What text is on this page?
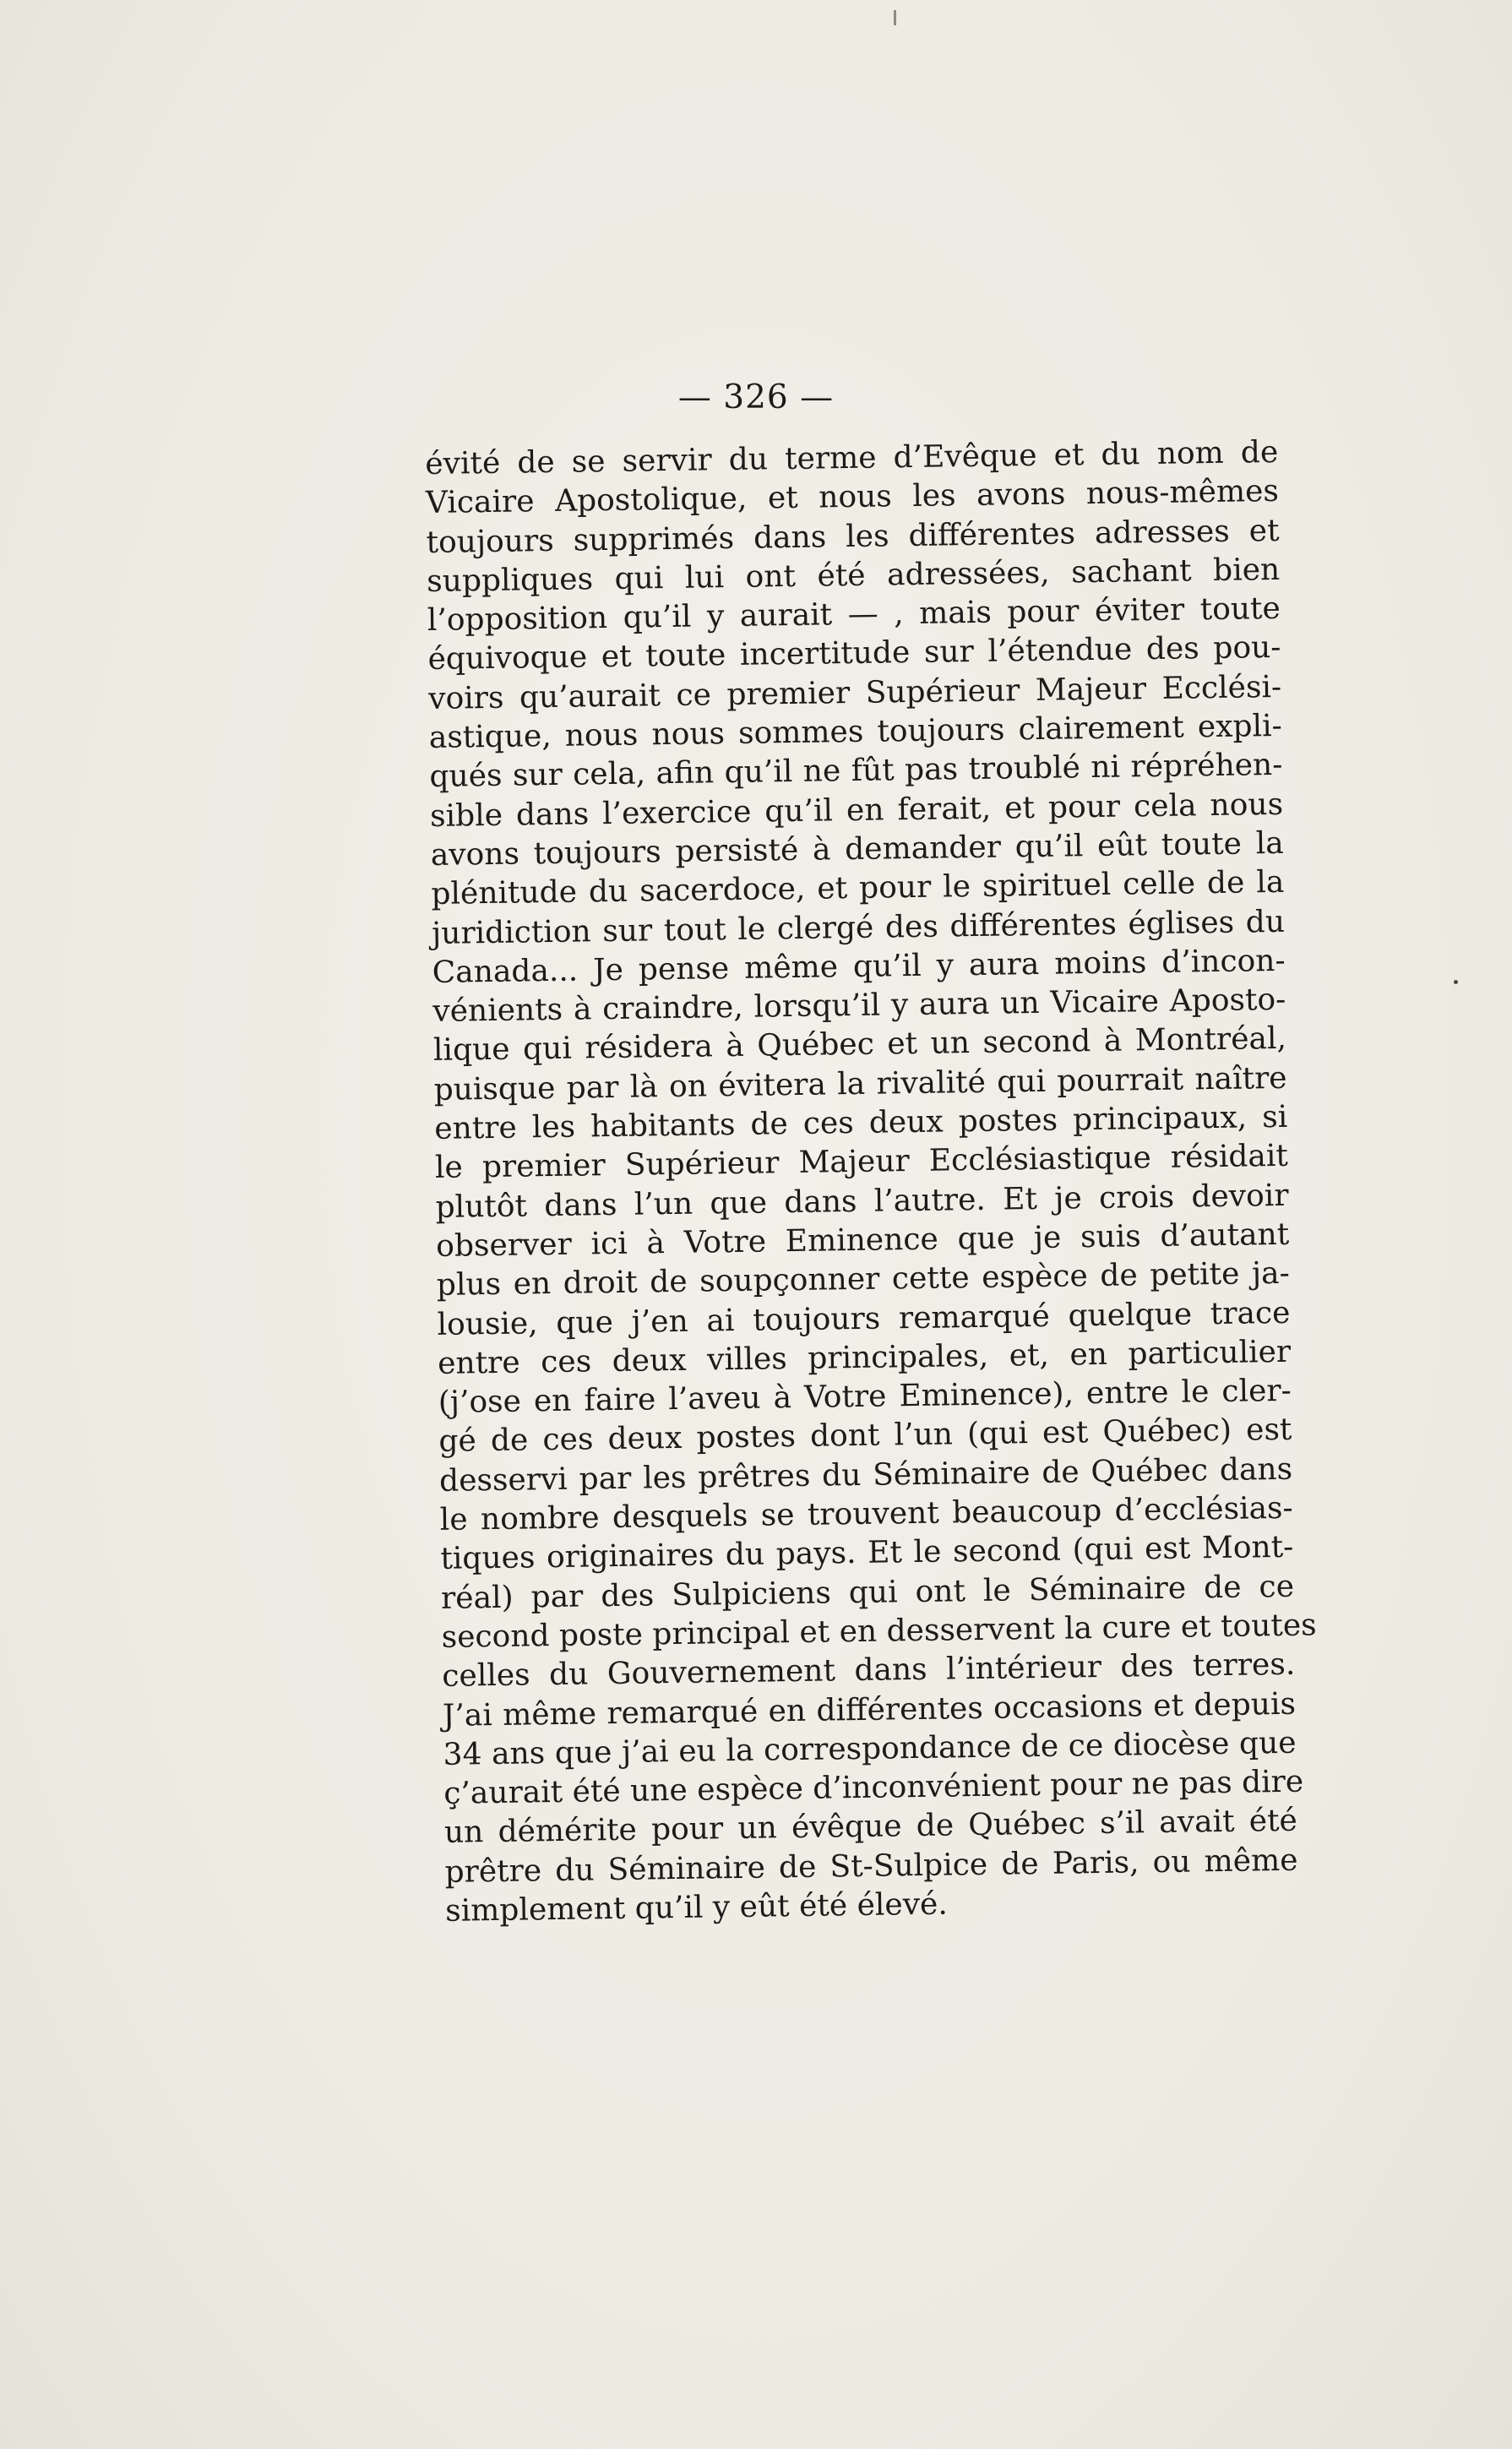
— 326 —
évité de se servir du terme d’Evêque et du nom de
Vicaire Apostolique, et nous les avons nous-mêmes
toujours supprimés dans les différentes adresses et
suppliques qui lui ont été adressées, sachant bien
l’opposition qu’il y aurait — , mais pour éviter toute
équivoque et toute incertitude sur l’étendue des pou-
voirs qu’aurait ce premier Supérieur Majeur Ecclési-
astique, nous nous sommes toujours clairement expli-
qués sur cela, afin qu’il ne fût pas troublé ni répréhen-
sible dans l’exercice qu’il en ferait, et pour cela nous
avons toujours persisté à demander qu’il eût toute la
plénitude du sacerdoce, et pour le spirituel celle de la
juridiction sur tout le clergé des différentes églises du
Canada... Je pense même qu’il y aura moins d’incon-
vénients à craindre, lorsqu’il y aura un Vicaire Aposto-
lique qui résidera à Québec et un second à Montréal,
puisque par là on évitera la rivalité qui pourrait naître
entre les habitants de ces deux postes principaux, si
le premier Supérieur Majeur Ecclésiastique résidait
plutôt dans l’un que dans l’autre. Et je crois devoir
observer ici à Votre Eminence que je suis d’autant
plus en droit de soupçonner cette espèce de petite ja-
lousie, que j’en ai toujours remarqué quelque trace
entre ces deux villes principales, et, en particulier
(j’ose en faire l’aveu à Votre Eminence), entre le cler-
gé de ces deux postes dont l’un (qui est Québec) est
desservi par les prêtres du Séminaire de Québec dans
le nombre desquels se trouvent beaucoup d’ecclésias-
tiques originaires du pays. Et le second (qui est Mont-
réal) par des Sulpiciens qui ont le Séminaire de ce
second poste principal et en desservent la cure et toutes
celles du Gouvernement dans l’intérieur des terres.
J’ai même remarqué en différentes occasions et depuis
34 ans que j’ai eu la correspondance de ce diocèse que
ç’aurait été une espèce d’inconvénient pour ne pas dire
un démérite pour un évêque de Québec s’il avait été
prêtre du Séminaire de St-Sulpice de Paris, ou même
simplement qu’il y eût été élevé.
